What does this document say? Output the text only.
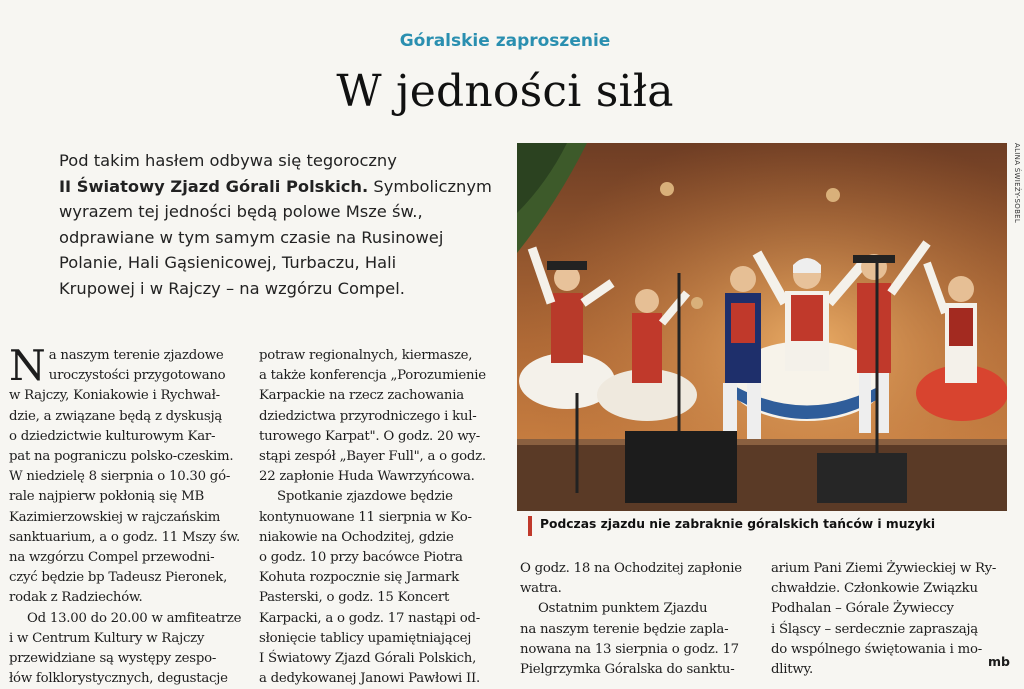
Góralskie zaproszenie
W jedności siła
Pod takim hasłem odbywa się tegoroczny
II Światowy Zjazd Górali Polskich. Symbolicznym
wyrazem tej jedności będą polowe Msze św.,
odprawiane w tym samym czasie na Rusinowej
Polanie, Hali Gąsienicowej, Turbaczu, Hali
Krupowej i w Rajczy – na wzgórzu Compel.
N a naszym terenie zjazdowe
uroczystości przygotowano
w Rajczy, Koniakowie i Rychwał-
dzie, a związane będą z dyskusją
o dziedzictwie kulturowym Kar-
pat na pograniczu polsko-czeskim.
W niedzielę 8 sierpnia o 10.30 gó-
rale najpierw pokłonią się MB
Kazimierzowskiej w rajczańskim
sanktuarium, a o godz. 11 Mszy św.
na wzgórzu Compel przewodni-
czyć będzie bp Tadeusz Pieronek,
rodak z Radziechów.
Od 13.00 do 20.00 w amfiteatrze
i w Centrum Kultury w Rajczy
przewidziane są występy zespo-
łów folklorystycznych, degustacje
potraw regionalnych, kiermasze,
a także konferencja „Porozumienie
Karpackie na rzecz zachowania
dziedzictwa przyrodniczego i kul-
turowego Karpat". O godz. 20 wy-
stąpi zespół „Bayer Full", a o godz.
22 zapłonie Huda Wawrzyńcowa.
Spotkanie zjazdowe będzie
kontynuowane 11 sierpnia w Ko-
niakowie na Ochodzitej, gdzie
o godz. 10 przy bacówce Piotra
Kohuta rozpocznie się Jarmark
Pasterski, o godz. 15 Koncert
Karpacki, a o godz. 17 nastąpi od-
słonięcie tablicy upamiętniającej
I Światowy Zjazd Górali Polskich,
a dedykowanej Janowi Pawłowi II.
O godz. 18 na Ochodzitej zapłonie
watra.
Ostatnim punktem Zjazdu
na naszym terenie będzie zapla-
nowana na 13 sierpnia o godz. 17
Pielgrzymka Góralska do sanktu-
arium Pani Ziemi Żywieckiej w Ry-
chwałdzie. Członkowie Związku
Podhalan – Górale Żywieccy
i Śląscy – serdecznie zapraszają
do wspólnego świętowania i mo-
dlitwy.
mb
ALINA ŚWIEŻY-SOBEL
Podczas zjazdu nie zabraknie góralskich tańców i muzyki
